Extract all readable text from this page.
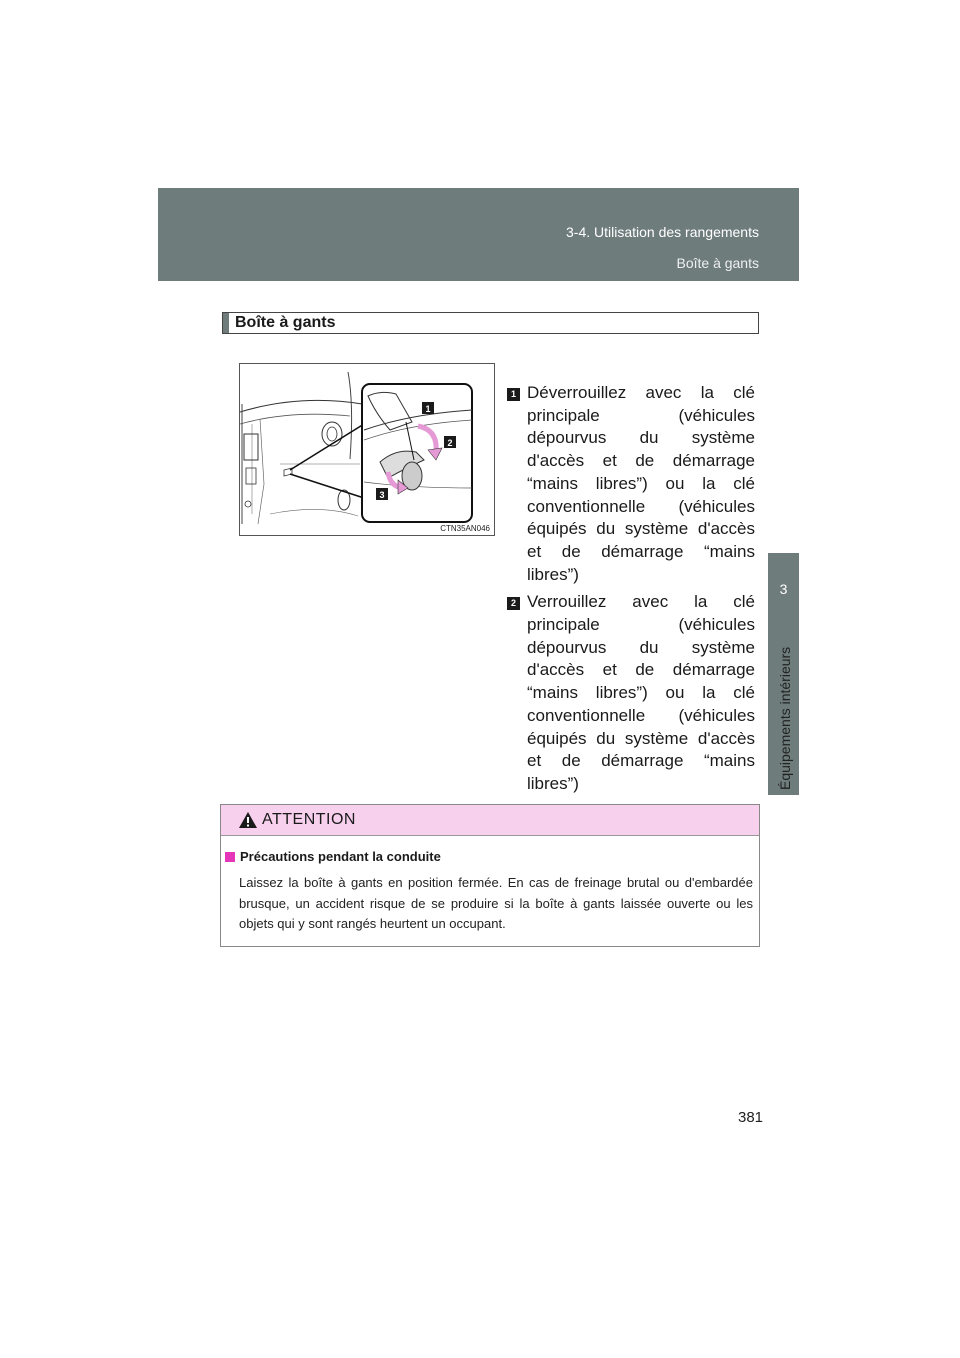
3-4. Utilisation des rangements
Boîte à gants
3
Équipements intérieurs
Boîte à gants
1
2
3
CTN35AN046
1 Déverrouillez avec la clé principale (véhicules dépourvus du système d'accès et de démarrage “mains libres”) ou la clé conventionnelle (véhicules équipés du système d'accès et de démarrage “mains libres”)
2 Verrouillez avec la clé principale (véhicules dépourvus du système d'accès et de démarrage “mains libres”) ou la clé conventionnelle (véhicules équipés du système d'accès et de démarrage “mains libres”)
ATTENTION
Précautions pendant la conduite
Laissez la boîte à gants en position fermée. En cas de freinage brutal ou d'embardée brusque, un accident risque de se produire si la boîte à gants laissée ouverte ou les objets qui y sont rangés heurtent un occupant.
381
